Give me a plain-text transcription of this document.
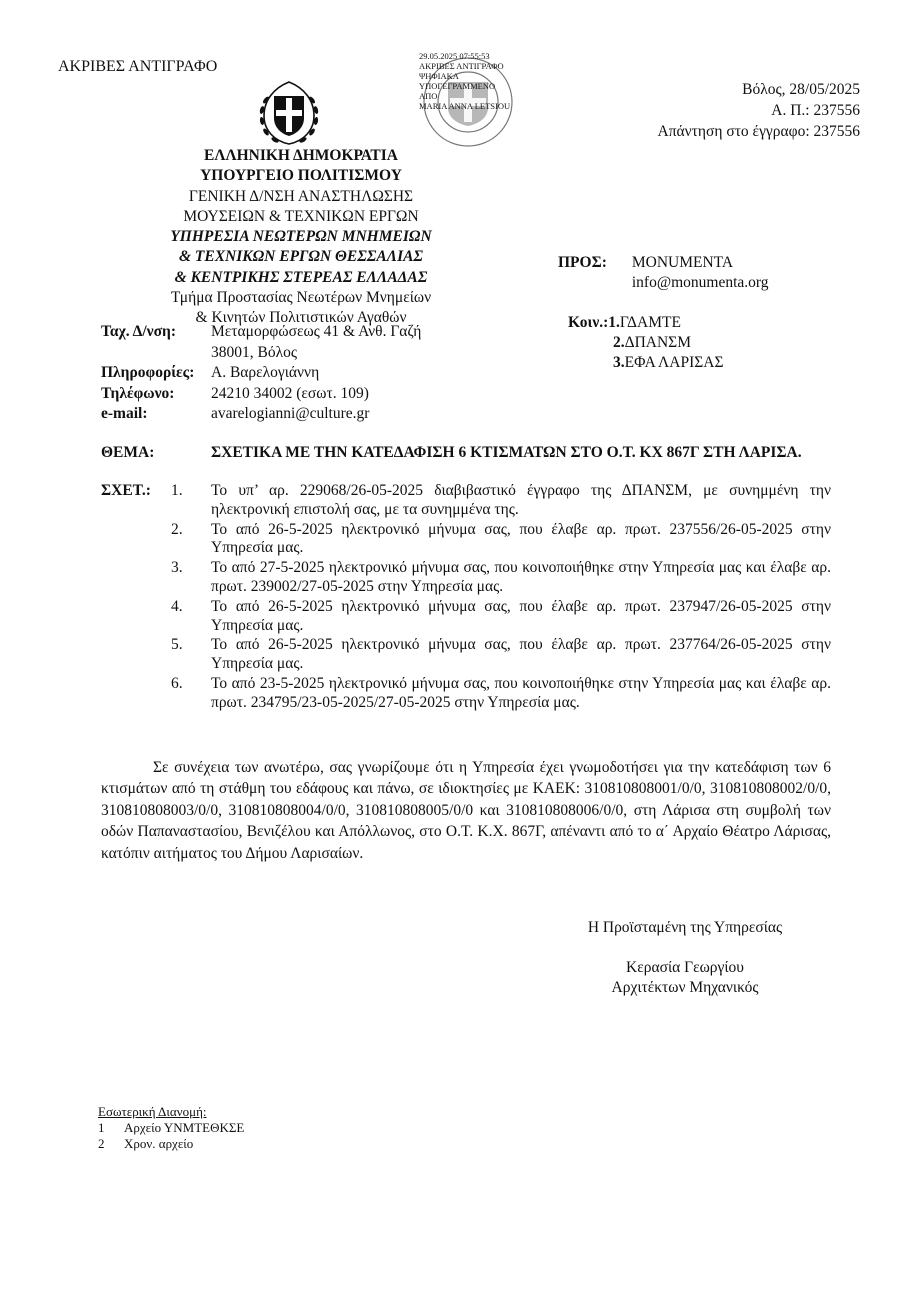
ΑΚΡΙΒΕΣ ΑΝΤΙΓΡΑΦΟ
29.05.2025 07:55:53
ΑΚΡΙΒΕΣ ΑΝΤΙΓΡΑΦΟ
ΨΗΦΙΑΚΑ
ΥΠΟΓΕΓΡΑΜΜΕΝΟ
ΑΠΟ
MARIA ANNA LETSIOU
Βόλος, 28/05/2025
Α. Π.: 237556
Απάντηση στο έγγραφο: 237556
ΕΛΛΗΝΙΚΗ ΔΗΜΟΚΡΑΤΙΑ
ΥΠΟΥΡΓΕΙΟ ΠΟΛΙΤΙΣΜΟΥ
ΓΕΝΙΚΗ Δ/ΝΣΗ ΑΝΑΣΤΗΛΩΣΗΣ
ΜΟΥΣΕΙΩΝ & ΤΕΧΝΙΚΩΝ ΕΡΓΩΝ
ΥΠΗΡΕΣΙΑ ΝΕΩΤΕΡΩΝ ΜΝΗΜΕΙΩΝ
& ΤΕΧΝΙΚΩΝ ΕΡΓΩΝ ΘΕΣΣΑΛΙΑΣ
& ΚΕΝΤΡΙΚΗΣ ΣΤΕΡΕΑΣ ΕΛΛΑΔΑΣ
Τμήμα Προστασίας Νεωτέρων Μνημείων
& Κινητών Πολιτιστικών Αγαθών
Ταχ. Δ/νση:	Μεταμορφώσεως 41 & Ανθ. Γαζή
38001, Βόλος
Πληροφορίες:	Α. Βαρελογιάννη
Τηλέφωνο:	24210 34002 (εσωτ. 109)
e-mail:	avarelogianni@culture.gr
ΠΡΟΣ: MONUMENTA
info@monumenta.org
Κοιν.:1.ΓΔΑΜΤΕ
2.ΔΠΑΝΣΜ
3.ΕΦΑ ΛΑΡΙΣΑΣ
ΘΕΜΑ:	ΣΧΕΤΙΚΑ ΜΕ ΤΗΝ ΚΑΤΕΔΑΦΙΣΗ 6 ΚΤΙΣΜΑΤΩΝ ΣΤΟ Ο.Τ. ΚΧ 867Γ ΣΤΗ ΛΑΡΙΣΑ.
ΣΧΕΤ.:	1.	Το υπ’ αρ. 229068/26-05-2025 διαβιβαστικό έγγραφο της ΔΠΑΝΣΜ, με συνημμένη την ηλεκτρονική επιστολή σας, με τα συνημμένα της.
2.	Το από 26-5-2025 ηλεκτρονικό μήνυμα σας, που έλαβε αρ. πρωτ. 237556/26-05-2025 στην Υπηρεσία μας.
3.	Το από 27-5-2025 ηλεκτρονικό μήνυμα σας, που κοινοποιήθηκε στην Υπηρεσία μας και έλαβε αρ. πρωτ. 239002/27-05-2025 στην Υπηρεσία μας.
4.	Το από 26-5-2025 ηλεκτρονικό μήνυμα σας, που έλαβε αρ. πρωτ. 237947/26-05-2025 στην Υπηρεσία μας.
5.	Το από 26-5-2025 ηλεκτρονικό μήνυμα σας, που έλαβε αρ. πρωτ. 237764/26-05-2025 στην Υπηρεσία μας.
6.	Το από 23-5-2025 ηλεκτρονικό μήνυμα σας, που κοινοποιήθηκε στην Υπηρεσία μας και έλαβε αρ. πρωτ. 234795/23-05-2025/27-05-2025 στην Υπηρεσία μας.
Σε συνέχεια των ανωτέρω, σας γνωρίζουμε ότι η Υπηρεσία έχει γνωμοδοτήσει για την κατεδάφιση των 6 κτισμάτων από τη στάθμη του εδάφους και πάνω, σε ιδιοκτησίες με ΚΑΕΚ: 310810808001/0/0, 310810808002/0/0, 310810808003/0/0, 310810808004/0/0, 310810808005/0/0 και 310810808006/0/0, στη Λάρισα στη συμβολή των οδών Παπαναστασίου, Βενιζέλου και Απόλλωνος, στο Ο.Τ. Κ.Χ. 867Γ, απέναντι από το α΄ Αρχαίο Θέατρο Λάρισας, κατόπιν αιτήματος του Δήμου Λαρισαίων.
Η Προϊσταμένη της Υπηρεσίας
Κερασία Γεωργίου
Αρχιτέκτων Μηχανικός
Εσωτερική Διανομή:
1	Αρχείο ΥΝΜΤΕΘΚΣΕ
2	Χρον. αρχείο
